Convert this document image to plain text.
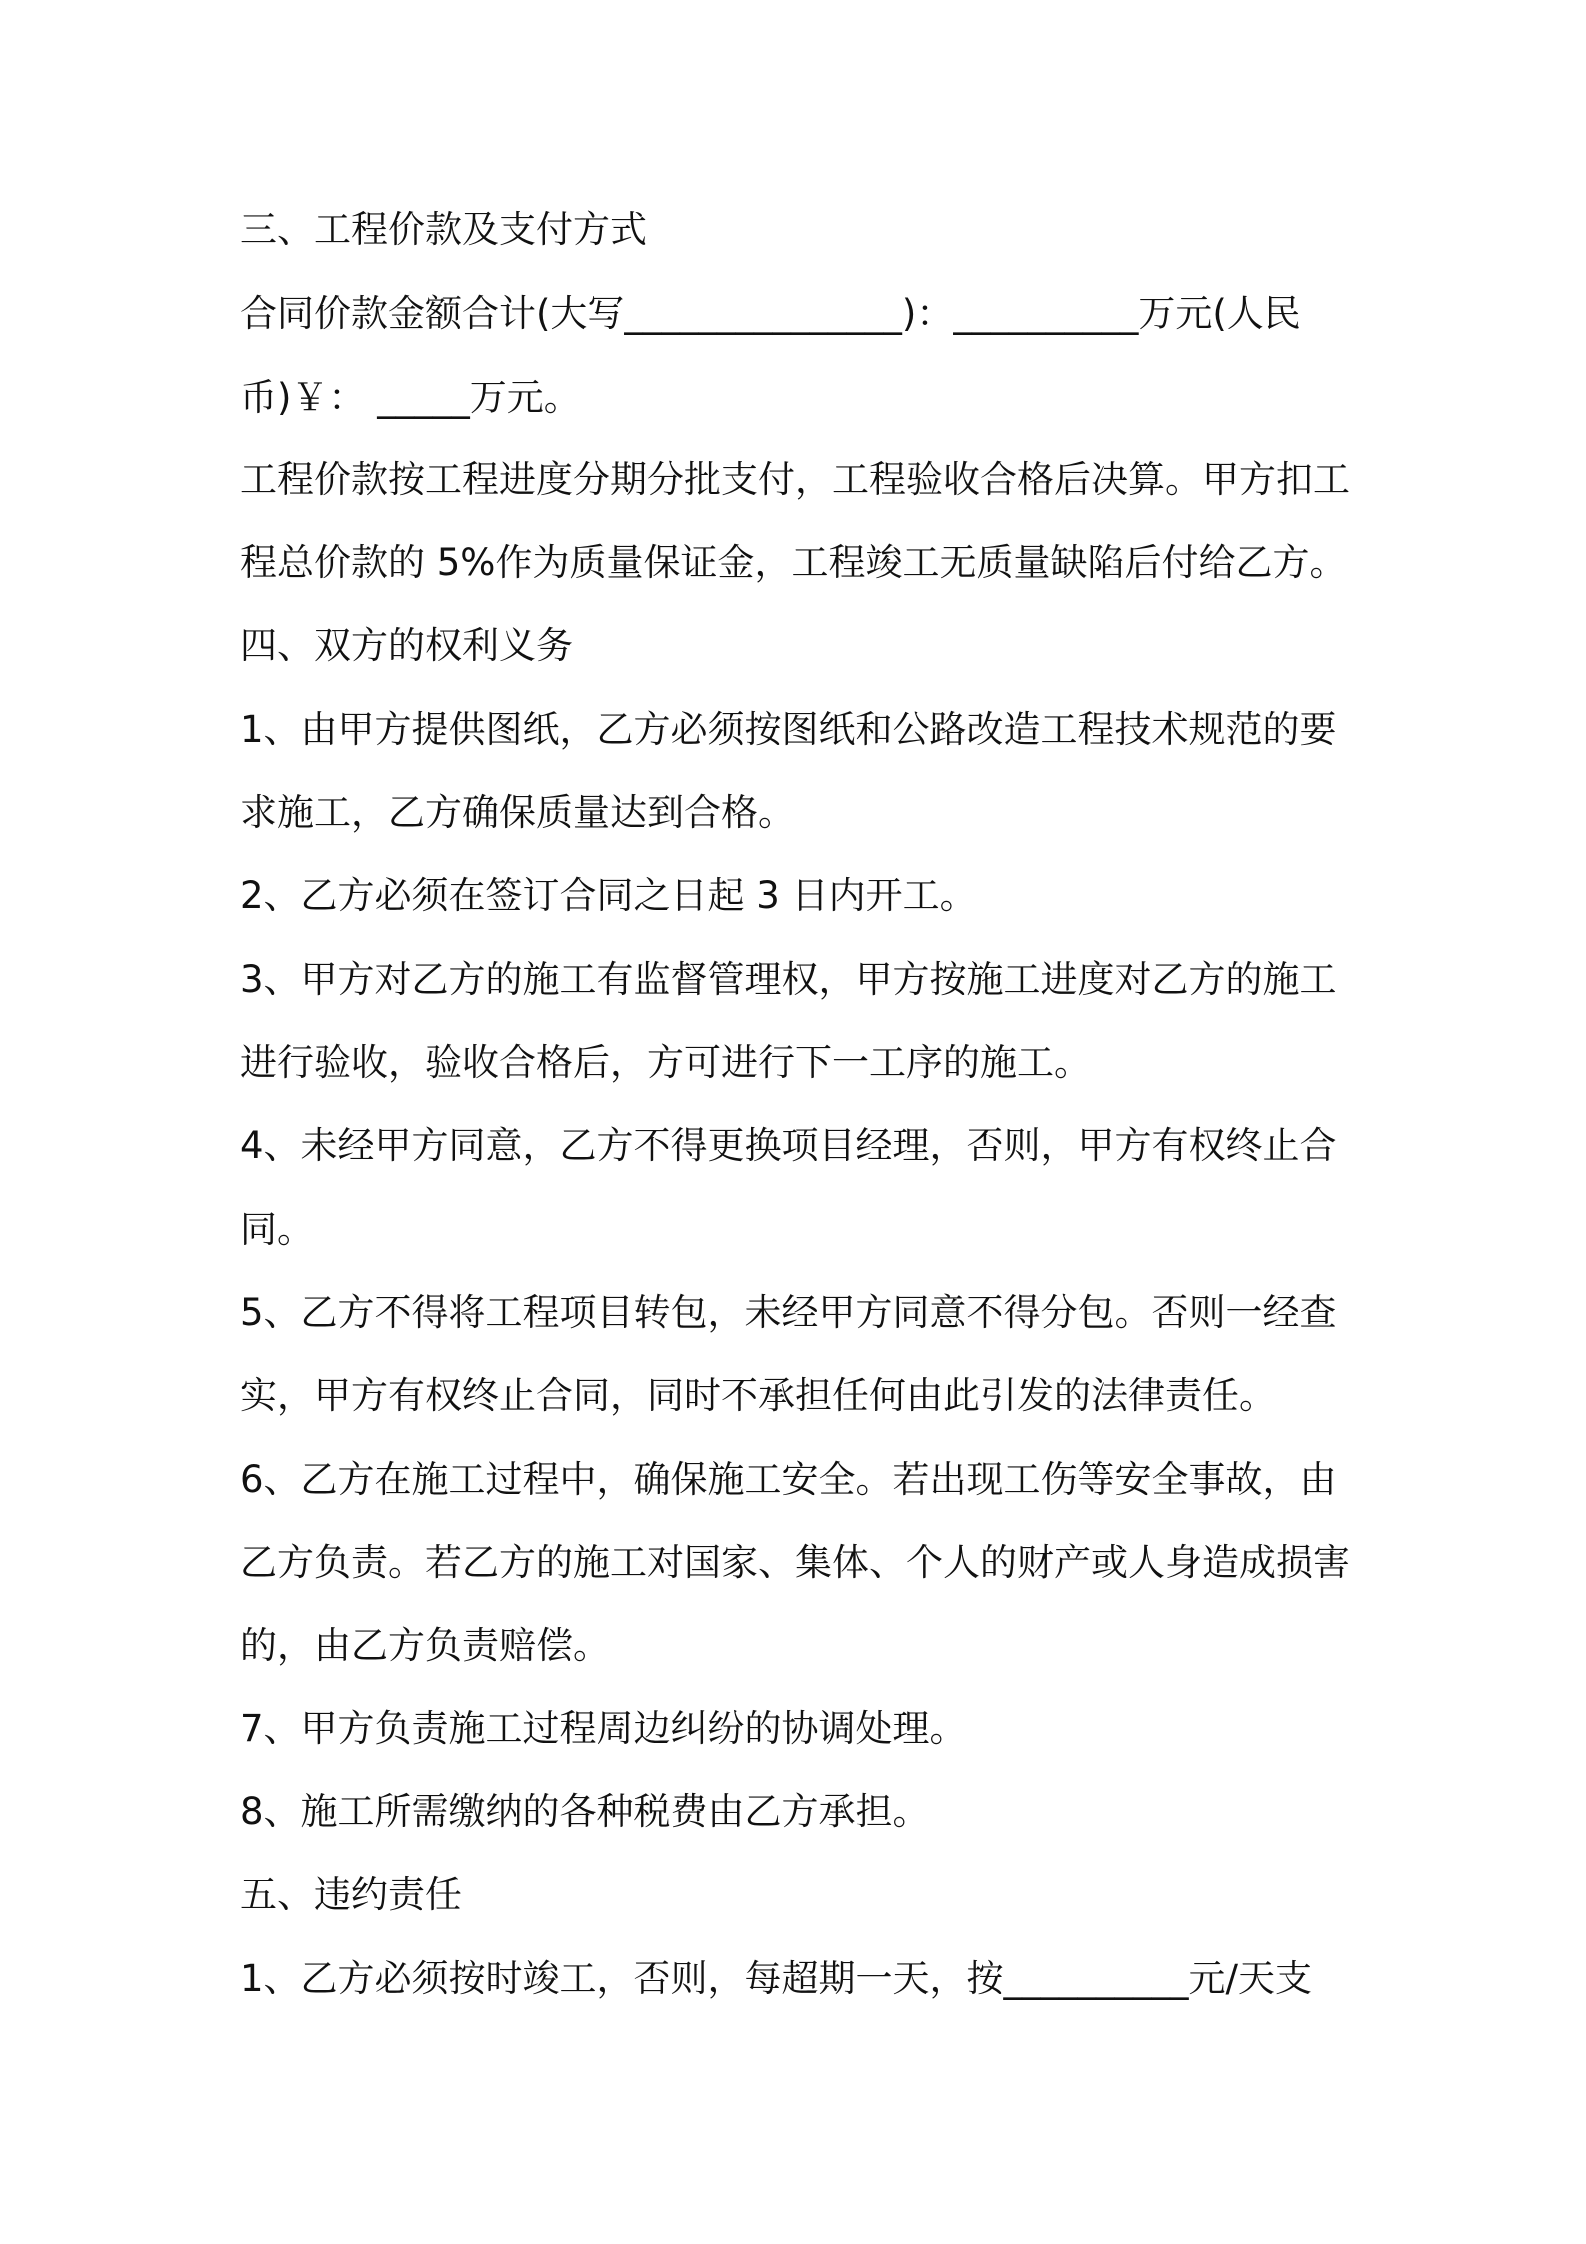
三、工程价款及支付方式

合同价款金额合计(大写_______________)：__________万元(人民

币)￥： _____万元。

工程价款按工程进度分期分批支付，工程验收合格后决算。甲方扣工

程总价款的 5%作为质量保证金，工程竣工无质量缺陷后付给乙方。

四、双方的权利义务

1、由甲方提供图纸，乙方必须按图纸和公路改造工程技术规范的要

求施工，乙方确保质量达到合格。

2、乙方必须在签订合同之日起 3 日内开工。

3、甲方对乙方的施工有监督管理权，甲方按施工进度对乙方的施工

进行验收，验收合格后，方可进行下一工序的施工。

4、未经甲方同意，乙方不得更换项目经理，否则，甲方有权终止合

同。

5、乙方不得将工程项目转包，未经甲方同意不得分包。否则一经查

实，甲方有权终止合同，同时不承担任何由此引发的法律责任。

6、乙方在施工过程中，确保施工安全。若出现工伤等安全事故，由

乙方负责。若乙方的施工对国家、集体、个人的财产或人身造成损害

的，由乙方负责赔偿。

7、甲方负责施工过程周边纠纷的协调处理。

8、施工所需缴纳的各种税费由乙方承担。

五、违约责任

1、乙方必须按时竣工，否则，每超期一天，按__________元/天支
